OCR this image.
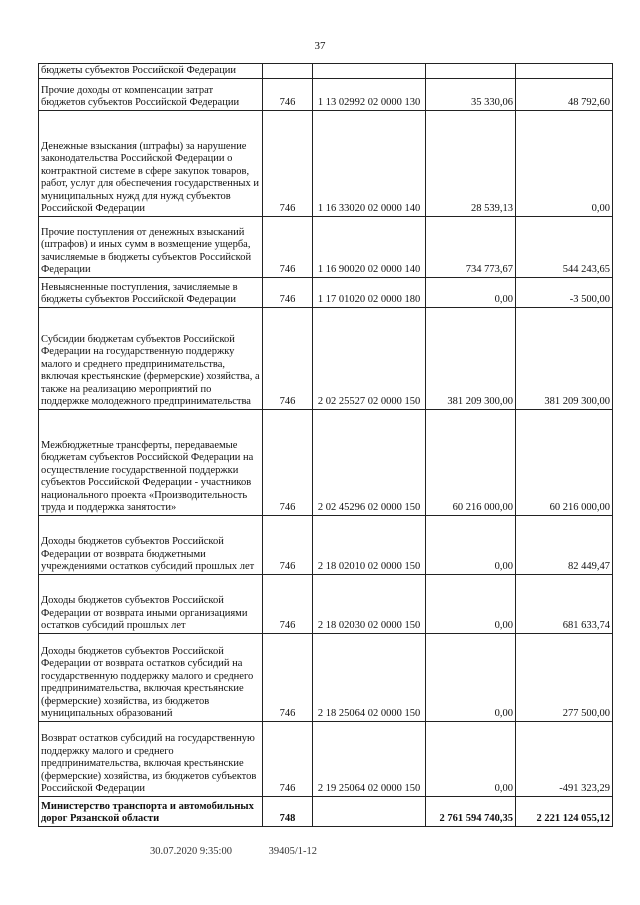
37
бюджеты субъектов Российской Федерации				
Прочие доходы от компенсации затрат бюджетов субъектов Российской Федерации	746	1 13 02992 02 0000 130	35 330,06	48 792,60
Денежные взыскания (штрафы) за нарушение законодательства Российской Федерации о контрактной системе в сфере закупок товаров, работ, услуг для обеспечения государственных и муниципальных нужд для нужд субъектов Российской Федерации	746	1 16 33020 02 0000 140	28 539,13	0,00
Прочие поступления от денежных взысканий (штрафов) и иных сумм в возмещение ущерба, зачисляемые в бюджеты субъектов Российской Федерации	746	1 16 90020 02 0000 140	734 773,67	544 243,65
Невыясненные поступления, зачисляемые в бюджеты субъектов Российской Федерации	746	1 17 01020 02 0000 180	0,00	-3 500,00
Субсидии бюджетам субъектов Российской Федерации на государственную поддержку малого и среднего предпринимательства, включая крестьянские (фермерские) хозяйства, а также на реализацию мероприятий по поддержке молодежного предпринимательства	746	2 02 25527 02 0000 150	381 209 300,00	381 209 300,00
Межбюджетные трансферты, передаваемые бюджетам субъектов Российской Федерации на осуществление государственной поддержки субъектов Российской Федерации - участников национального проекта «Производительность труда и поддержка занятости»	746	2 02 45296 02 0000 150	60 216 000,00	60 216 000,00
Доходы бюджетов субъектов Российской Федерации от возврата бюджетными учреждениями остатков субсидий прошлых лет	746	2 18 02010 02 0000 150	0,00	82 449,47
Доходы бюджетов субъектов Российской Федерации от возврата иными организациями остатков субсидий прошлых лет	746	2 18 02030 02 0000 150	0,00	681 633,74
Доходы бюджетов субъектов Российской Федерации от возврата остатков субсидий на государственную поддержку малого и среднего предпринимательства, включая крестьянские (фермерские) хозяйства, из бюджетов муниципальных образований	746	2 18 25064 02 0000 150	0,00	277 500,00
Возврат остатков субсидий на государственную поддержку малого и среднего предпринимательства, включая крестьянские (фермерские) хозяйства, из бюджетов субъектов Российской Федерации	746	2 19 25064 02 0000 150	0,00	-491 323,29
Министерство транспорта и автомобильных дорог Рязанской области	748		2 761 594 740,35	2 221 124 055,12
30.07.2020 9:35:00	39405/1-12
